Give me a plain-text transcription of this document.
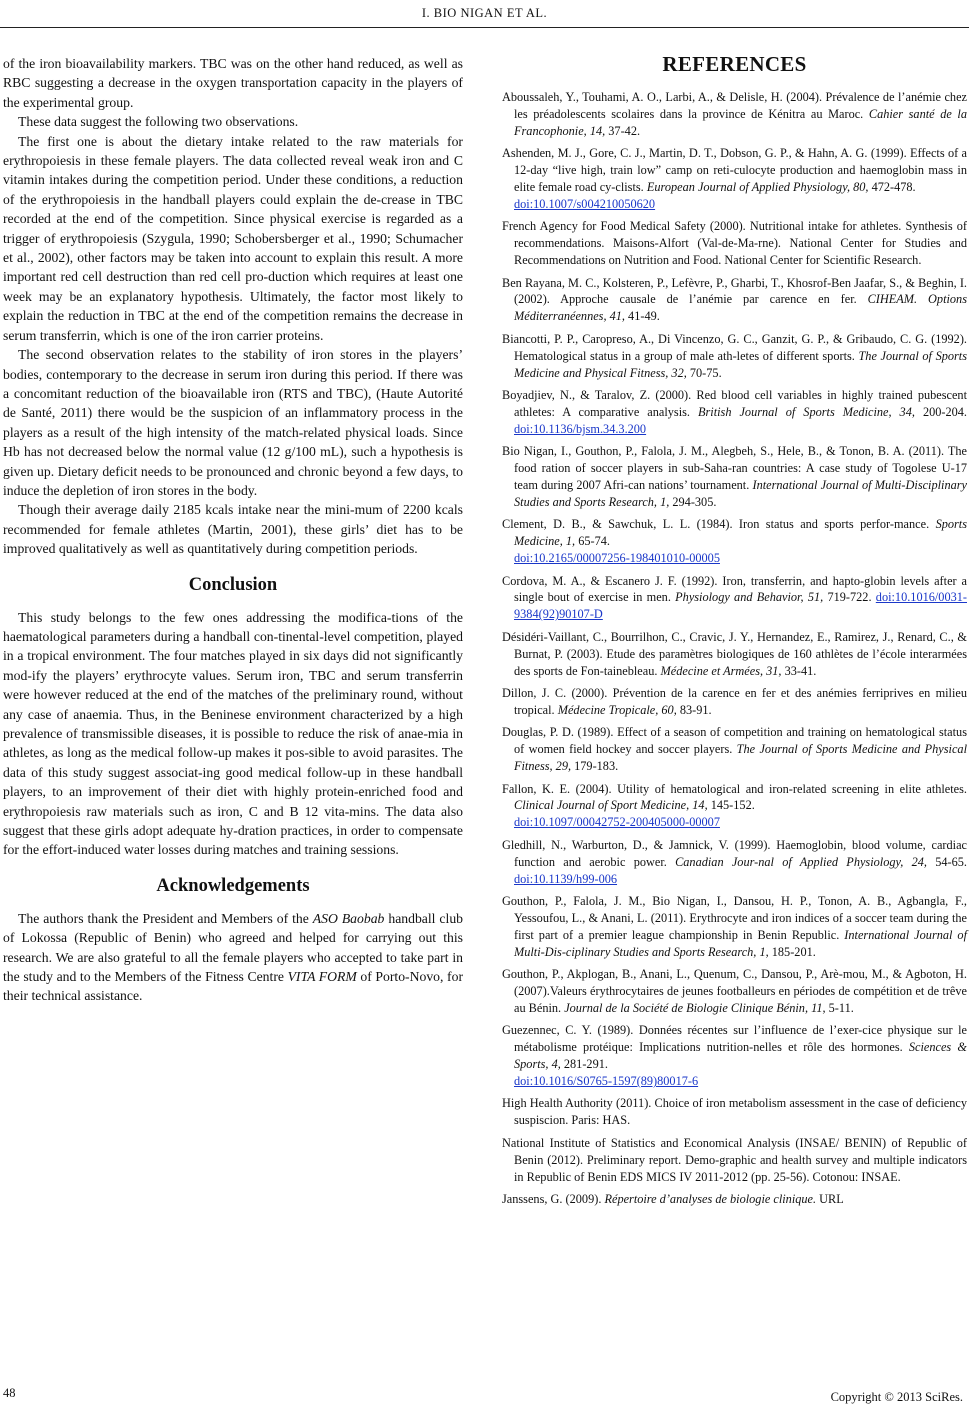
I. BIO NIGAN ET AL.

of the iron bioavailability markers. TBC was on the other hand reduced, as well as RBC suggesting a decrease in the oxygen transportation capacity in the players of the experimental group.

These data suggest the following two observations.

The first one is about the dietary intake related to the raw materials for erythropoiesis in these female players. The data collected reveal weak iron and C vitamin intakes during the competition period. Under these conditions, a reduction of the erythropoiesis in the handball players could explain the de-crease in TBC recorded at the end of the competition. Since physical exercise is regarded as a trigger of erythropoiesis (Szygula, 1990; Schobersberger et al., 1990; Schumacher et al., 2002), other factors may be taken into account to explain this result. A more important red cell destruction than red cell pro-duction which requires at least one week may be an explanatory hypothesis. Ultimately, the factor most likely to explain the reduction in TBC at the end of the competition remains the decrease in serum transferrin, which is one of the iron carrier proteins.

The second observation relates to the stability of iron stores in the players’ bodies, contemporary to the decrease in serum iron during this period. If there was a concomitant reduction of the bioavailable iron (RTS and TBC), (Haute Autorité de Santé, 2011) there would be the suspicion of an inflammatory process in the players as a result of the high intensity of the match-related physical loads. Since Hb has not decreased below the normal value (12 g/100 mL), such a hypothesis is given up. Dietary deficit needs to be pronounced and chronic beyond a few days, to induce the depletion of iron stores in the body.

Though their average daily 2185 kcals intake near the mini-mum of 2200 kcals recommended for female athletes (Martin, 2001), these girls’ diet has to be improved qualitatively as well as quantitatively during competition periods.

Conclusion

This study belongs to the few ones addressing the modifica-tions of the haematological parameters during a handball con-tinental-level competition, played in a tropical environment. The four matches played in six days did not significantly mod-ify the players’ erythrocyte values. Serum iron, TBC and serum transferrin were however reduced at the end of the matches of the preliminary round, without any case of anaemia. Thus, in the Beninese environment characterized by a high prevalence of transmissible diseases, it is possible to reduce the risk of anae-mia in athletes, as long as the medical follow-up makes it pos-sible to avoid parasites. The data of this study suggest associat-ing good medical follow-up in these handball players, to an improvement of their diet with highly protein-enriched food and erythropoiesis raw materials such as iron, C and B 12 vita-mins. The data also suggest that these girls adopt adequate hy-dration practices, in order to compensate for the effort-induced water losses during matches and training sessions.

Acknowledgements

The authors thank the President and Members of the ASO Baobab handball club of Lokossa (Republic of Benin) who agreed and helped for carrying out this research. We are also grateful to all the female players who accepted to take part in the study and to the Members of the Fitness Centre VITA FORM of Porto-Novo, for their technical assistance.

REFERENCES

Aboussaleh, Y., Touhami, A. O., Larbi, A., & Delisle, H. (2004). Prévalence de l’anémie chez les préadolescents scolaires dans la province de Kénitra au Maroc. Cahier santé de la Francophonie, 14, 37-42.

Ashenden, M. J., Gore, C. J., Martin, D. T., Dobson, G. P., & Hahn, A. G. (1999). Effects of a 12-day “live high, train low” camp on reti-culocyte production and haemoglobin mass in elite female road cy-clists. European Journal of Applied Physiology, 80, 472-478.
doi:10.1007/s004210050620

French Agency for Food Medical Safety (2000). Nutritional intake for athletes. Synthesis of recommendations. Maisons-Alfort (Val-de-Ma-rne). National Center for Studies and Recommendations on Nutrition and Food. National Center for Scientific Research.

Ben Rayana, M. C., Kolsteren, P., Lefèvre, P., Gharbi, T., Khosrof-Ben Jaafar, S., & Beghin, I. (2002). Approche causale de l’anémie par carence en fer. CIHEAM. Options Méditerranéennes, 41, 41-49.

Biancotti, P. P., Caropreso, A., Di Vincenzo, G. C., Ganzit, G. P., & Gribaudo, C. G. (1992). Hematological status in a group of male ath-letes of different sports. The Journal of Sports Medicine and Physical Fitness, 32, 70-75.

Boyadjiev, N., & Taralov, Z. (2000). Red blood cell variables in highly trained pubescent athletes: A comparative analysis. British Journal of Sports Medicine, 34, 200-204. doi:10.1136/bjsm.34.3.200

Bio Nigan, I., Gouthon, P., Falola, J. M., Alegbeh, S., Hele, B., & Tonon, B. A. (2011). The food ration of soccer players in sub-Saha-ran countries: A case study of Togolese U-17 team during 2007 Afri-can nations’ tournament. International Journal of Multi-Disciplinary Studies and Sports Research, 1, 294-305.

Clement, D. B., & Sawchuk, L. L. (1984). Iron status and sports perfor-mance. Sports Medicine, 1, 65-74.
doi:10.2165/00007256-198401010-00005

Cordova, M. A., & Escanero J. F. (1992). Iron, transferrin, and hapto-globin levels after a single bout of exercise in men. Physiology and Behavior, 51, 719-722. doi:10.1016/0031-9384(92)90107-D

Désidéri-Vaillant, C., Bourrilhon, C., Cravic, J. Y., Hernandez, E., Ramirez, J., Renard, C., & Burnat, P. (2003). Etude des paramètres biologiques de 160 athlètes de l’école interarmées des sports de Fon-tainebleau. Médecine et Armées, 31, 33-41.

Dillon, J. C. (2000). Prévention de la carence en fer et des anémies ferriprives en milieu tropical. Médecine Tropicale, 60, 83-91.

Douglas, P. D. (1989). Effect of a season of competition and training on hematological status of women field hockey and soccer players. The Journal of Sports Medicine and Physical Fitness, 29, 179-183.

Fallon, K. E. (2004). Utility of hematological and iron-related screening in elite athletes. Clinical Journal of Sport Medicine, 14, 145-152.
doi:10.1097/00042752-200405000-00007

Gledhill, N., Warburton, D., & Jamnick, V. (1999). Haemoglobin, blood volume, cardiac function and aerobic power. Canadian Jour-nal of Applied Physiology, 24, 54-65. doi:10.1139/h99-006

Gouthon, P., Falola, J. M., Bio Nigan, I., Dansou, H. P., Tonon, A. B., Agbangla, F., Yessoufou, L., & Anani, L. (2011). Erythrocyte and iron indices of a soccer team during the first part of a premier league championship in Benin Republic. International Journal of Multi-Dis-ciplinary Studies and Sports Research, 1, 185-201.

Gouthon, P., Akplogan, B., Anani, L., Quenum, C., Dansou, P., Arè-mou, M., & Agboton, H. (2007).Valeurs érythrocytaires de jeunes footballeurs en périodes de compétition et de trêve au Bénin. Journal de la Société de Biologie Clinique Bénin, 11, 5-11.

Guezennec, C. Y. (1989). Données récentes sur l’influence de l’exer-cice physique sur le métabolisme protéique: Implications nutrition-nelles et rôle des hormones. Sciences & Sports, 4, 281-291.
doi:10.1016/S0765-1597(89)80017-6

High Health Authority (2011). Choice of iron metabolism assessment in the case of deficiency suspiscion. Paris: HAS.

National Institute of Statistics and Economical Analysis (INSAE/ BENIN) of Republic of Benin (2012). Preliminary report. Demo-graphic and health survey and multiple indicators in Republic of Benin EDS MICS IV 2011-2012 (pp. 25-56). Cotonou: INSAE.

Janssens, G. (2009). Répertoire d’analyses de biologie clinique. URL

48	Copyright © 2013 SciRes.
